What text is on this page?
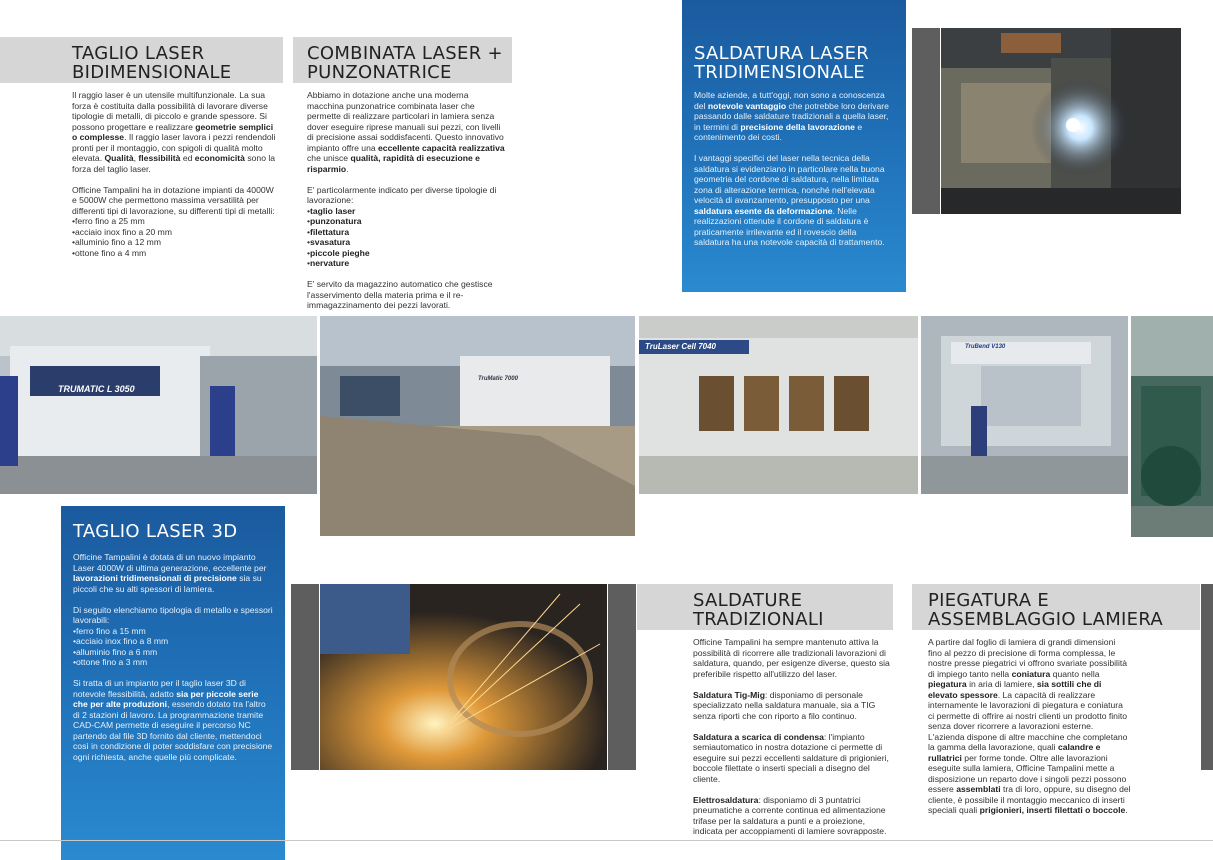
TAGLIO LASER
BIDIMENSIONALE

Il raggio laser è un utensile multifunzionale. La sua forza è costituita dalla possibilità di lavorare diverse tipologie di metalli, di piccolo e grande spessore. Si possono progettare e realizzare geometrie semplici o complesse. Il raggio laser lavora i pezzi rendendoli pronti per il montaggio, con spigoli di qualità molto elevata. Qualità, flessibilità ed economicità sono la forza del taglio laser.

Officine Tampalini ha in dotazione impianti da 4000W e 5000W che permettono massima versatilità per differenti tipi di lavorazione, su differenti tipi di metalli:

• ferro fino a 25 mm
• acciaio inox fino a 20 mm
• alluminio fino a 12 mm
• ottone fino a 4 mm
COMBINATA LASER +
PUNZONATRICE

Abbiamo in dotazione anche una moderna macchina punzonatrice combinata laser che permette di realizzare particolari in lamiera senza dover eseguire riprese manuali sui pezzi, con livelli di precisione assai soddisfacenti. Questo innovativo impianto offre una eccellente capacità realizzativa che unisce qualità, rapidità di esecuzione e risparmio.

E' particolarmente indicato per diverse tipologie di lavorazione:

• taglio laser
• punzonatura
• filettatura
• svasatura
• piccole pieghe
• nervature

E' servito da magazzino automatico che gestisce l'asservimento della materia prima e il re-immagazzinamento dei pezzi lavorati.

SALDATURA LASER
TRIDIMENSIONALE

Molte aziende, a tutt'oggi, non sono a conoscenza del notevole vantaggio che potrebbe loro derivare passando dalle saldature tradizionali a quella laser, in termini di precisione della lavorazione e contenimento dei costi.

I vantaggi specifici del laser nella tecnica della saldatura si evidenziano in particolare nella buona geometria del cordone di saldatura, nella limitata zona di alterazione termica, nonché nell'elevata velocità di avanzamento, presupposto per una saldatura esente da deformazione. Nelle realizzazioni ottenute il cordone di saldatura è praticamente irrilevante ed il rovescio della saldatura ha una notevole capacità di trattamento.

TRUMATIC L 3050
TruMatic 7000
TruLaser Cell 7040	TruBend V130
TAGLIO LASER 3D

Officine Tampalini è dotata di un nuovo impianto Laser 4000W di ultima generazione, eccellente per lavorazioni tridimensionali di precisione sia su piccoli che su alti spessori di lamiera.

Di seguito elenchiamo tipologia di metallo e spessori lavorabili:

• ferro fino a 15 mm
• acciaio inox fino a 8 mm
• alluminio fino a 6 mm
• ottone fino a 3 mm

Si tratta di un impianto per il taglio laser 3D di notevole flessibilità, adatto sia per piccole serie che per alte produzioni, essendo dotato tra l'altro di 2 stazioni di lavoro. La programmazione tramite CAD-CAM permette di eseguire il percorso NC partendo dal file 3D fornito dal cliente, mettendoci così in condizione di poter soddisfare con precisione ogni richiesta, anche quelle più complicate.

SALDATURE
TRADIZIONALI

Officine Tampalini ha sempre mantenuto attiva la possibilità di ricorrere alle tradizionali lavorazioni di saldatura, quando, per esigenze diverse, questo sia preferibile rispetto all'utilizzo del laser.

Saldatura Tig-Mig: disponiamo di personale specializzato nella saldatura manuale, sia a TIG senza riporti che con riporto a filo continuo.

Saldatura a scarica di condensa: l'impianto semiautomatico in nostra dotazione ci permette di eseguire sui pezzi eccellenti saldature di prigionieri, boccole filettate o inserti speciali a disegno del cliente.

Elettrosaldatura: disponiamo di 3 puntatrici pneumatiche a corrente continua ed alimentazione trifase per la saldatura a punti e a proiezione, indicata per accoppiamenti di lamiere sovrapposte.

PIEGATURA E
ASSEMBLAGGIO LAMIERA

A partire dal foglio di lamiera di grandi dimensioni fino al pezzo di precisione di forma complessa, le nostre presse piegatrici vi offrono svariate possibilità di impiego tanto nella coniatura quanto nella piegatura in aria di lamiere, sia sottili che di elevato spessore. La capacità di realizzare internamente le lavorazioni di piegatura e coniatura ci permette di offrire ai nostri clienti un prodotto finito senza dover ricorrere a lavorazioni esterne. L'azienda dispone di altre macchine che completano la gamma della lavorazione, quali calandre e rullatrici per forme tonde. Oltre alle lavorazioni eseguite sulla lamiera, Officine Tampalini mette a disposizione un reparto dove i singoli pezzi possono essere assemblati tra di loro, oppure, su disegno del cliente, è possibile il montaggio meccanico di inserti speciali quali prigionieri, inserti filettati o boccole.
